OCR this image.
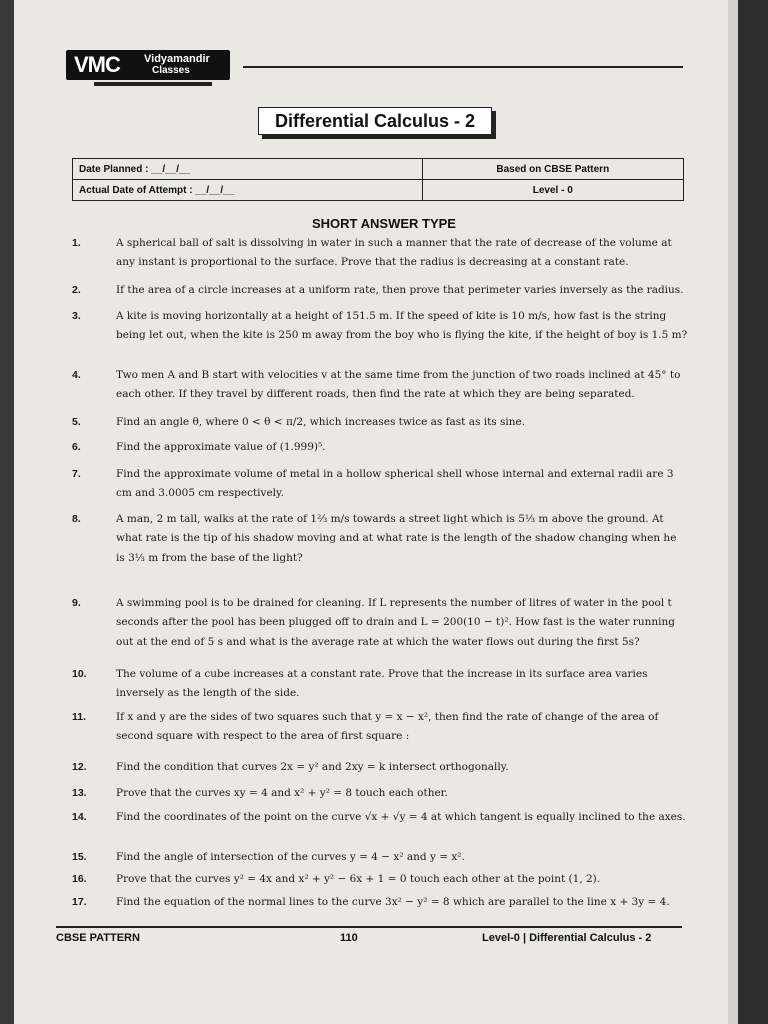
VMC Vidyamandir
Classes
Differential Calculus - 2
Date Planned : __/__/__	Based on CBSE Pattern
Actual Date of Attempt : __/__/__	Level - 0
SHORT ANSWER TYPE
1.	A spherical ball of salt is dissolving in water in such a manner that the rate of decrease of the volume at any instant is proportional to the surface. Prove that the radius is decreasing at a constant rate.
2.	If the area of a circle increases at a uniform rate, then prove that perimeter varies inversely as the radius.
3.	A kite is moving horizontally at a height of 151.5 m. If the speed of kite is 10 m/s, how fast is the string being let out, when the kite is 250 m away from the boy who is flying the kite, if the height of boy is 1.5 m?
4.	Two men A and B start with velocities v at the same time from the junction of two roads inclined at 45° to each other. If they travel by different roads, then find the rate at which they are being separated.
5.	Find an angle θ, where 0 < θ < π/2, which increases twice as fast as its sine.
6.	Find the approximate value of (1.999)⁵.
7.	Find the approximate volume of metal in a hollow spherical shell whose internal and external radii are 3 cm and 3.0005 cm respectively.
8.	A man, 2 m tall, walks at the rate of 1⅔ m/s towards a street light which is 5⅓ m above the ground. At what rate is the tip of his shadow moving and at what rate is the length of the shadow changing when he is 3⅓ m from the base of the light?
9.	A swimming pool is to be drained for cleaning. If L represents the number of litres of water in the pool t seconds after the pool has been plugged off to drain and L = 200(10 − t)². How fast is the water running out at the end of 5 s and what is the average rate at which the water flows out during the first 5s?
10.	The volume of a cube increases at a constant rate. Prove that the increase in its surface area varies inversely as the length of the side.
11.	If x and y are the sides of two squares such that y = x − x², then find the rate of change of the area of second square with respect to the area of first square :
12.	Find the condition that curves 2x = y² and 2xy = k intersect orthogonally.
13.	Prove that the curves xy = 4 and x² + y² = 8 touch each other.
14.	Find the coordinates of the point on the curve √x + √y = 4 at which tangent is equally inclined to the axes.
15.	Find the angle of intersection of the curves y = 4 − x² and y = x².
16.	Prove that the curves y² = 4x and x² + y² − 6x + 1 = 0 touch each other at the point (1, 2).
17.	Find the equation of the normal lines to the curve 3x² − y² = 8 which are parallel to the line x + 3y = 4.
CBSE PATTERN	110	Level-0 | Differential Calculus - 2
